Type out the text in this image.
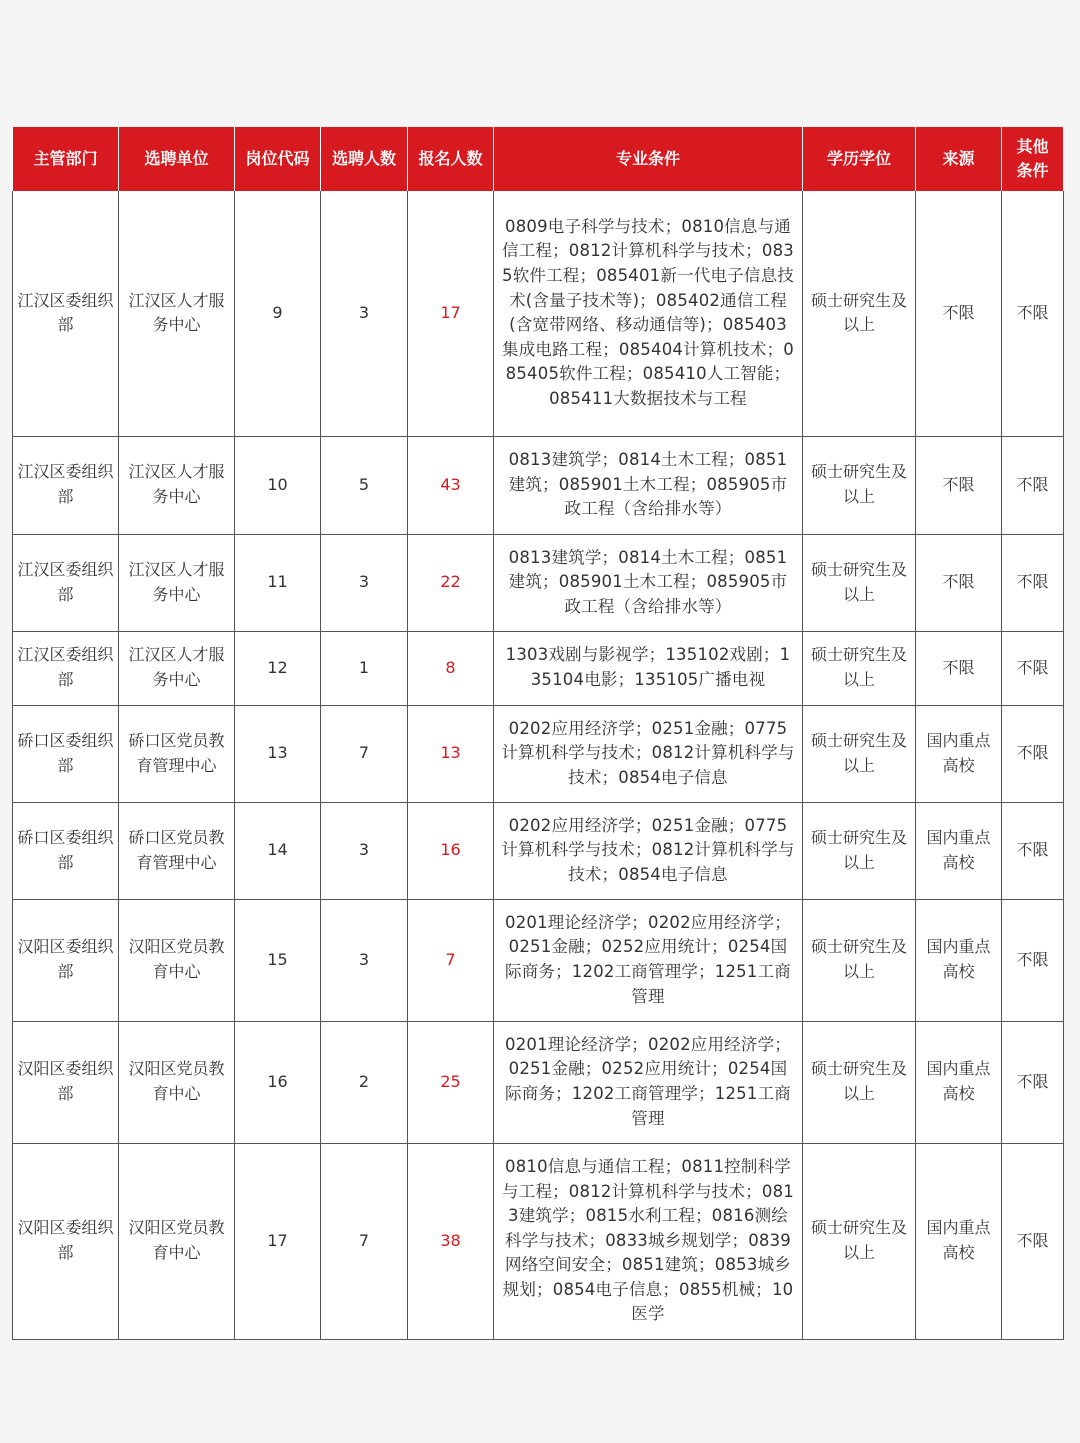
主管部门	选聘单位	岗位代码	选聘人数	报名人数	专业条件	学历学位	来源	其他条件
江汉区委组织部	江汉区人才服务中心	9	3	17	0809电子科学与技术；0810信息与通信工程；0812计算机科学与技术；0835软件工程；085401新一代电子信息技术(含量子技术等)；085402通信工程(含宽带网络、移动通信等)；085403集成电路工程；085404计算机技术；085405软件工程；085410人工智能；085411大数据技术与工程	硕士研究生及以上	不限	不限
江汉区委组织部	江汉区人才服务中心	10	5	43	0813建筑学；0814土木工程；0851建筑；085901土木工程；085905市政工程（含给排水等）	硕士研究生及以上	不限	不限
江汉区委组织部	江汉区人才服务中心	11	3	22	0813建筑学；0814土木工程；0851建筑；085901土木工程；085905市政工程（含给排水等）	硕士研究生及以上	不限	不限
江汉区委组织部	江汉区人才服务中心	12	1	8	1303戏剧与影视学；135102戏剧；135104电影；135105广播电视	硕士研究生及以上	不限	不限
硚口区委组织部	硚口区党员教育管理中心	13	7	13	0202应用经济学；0251金融；0775计算机科学与技术；0812计算机科学与技术；0854电子信息	硕士研究生及以上	国内重点高校	不限
硚口区委组织部	硚口区党员教育管理中心	14	3	16	0202应用经济学；0251金融；0775计算机科学与技术；0812计算机科学与技术；0854电子信息	硕士研究生及以上	国内重点高校	不限
汉阳区委组织部	汉阳区党员教育中心	15	3	7	0201理论经济学；0202应用经济学；0251金融；0252应用统计；0254国际商务；1202工商管理学；1251工商管理	硕士研究生及以上	国内重点高校	不限
汉阳区委组织部	汉阳区党员教育中心	16	2	25	0201理论经济学；0202应用经济学；0251金融；0252应用统计；0254国际商务；1202工商管理学；1251工商管理	硕士研究生及以上	国内重点高校	不限
汉阳区委组织部	汉阳区党员教育中心	17	7	38	0810信息与通信工程；0811控制科学与工程；0812计算机科学与技术；0813建筑学；0815水利工程；0816测绘科学与技术；0833城乡规划学；0839网络空间安全；0851建筑；0853城乡规划；0854电子信息；0855机械；10医学	硕士研究生及以上	国内重点高校	不限
